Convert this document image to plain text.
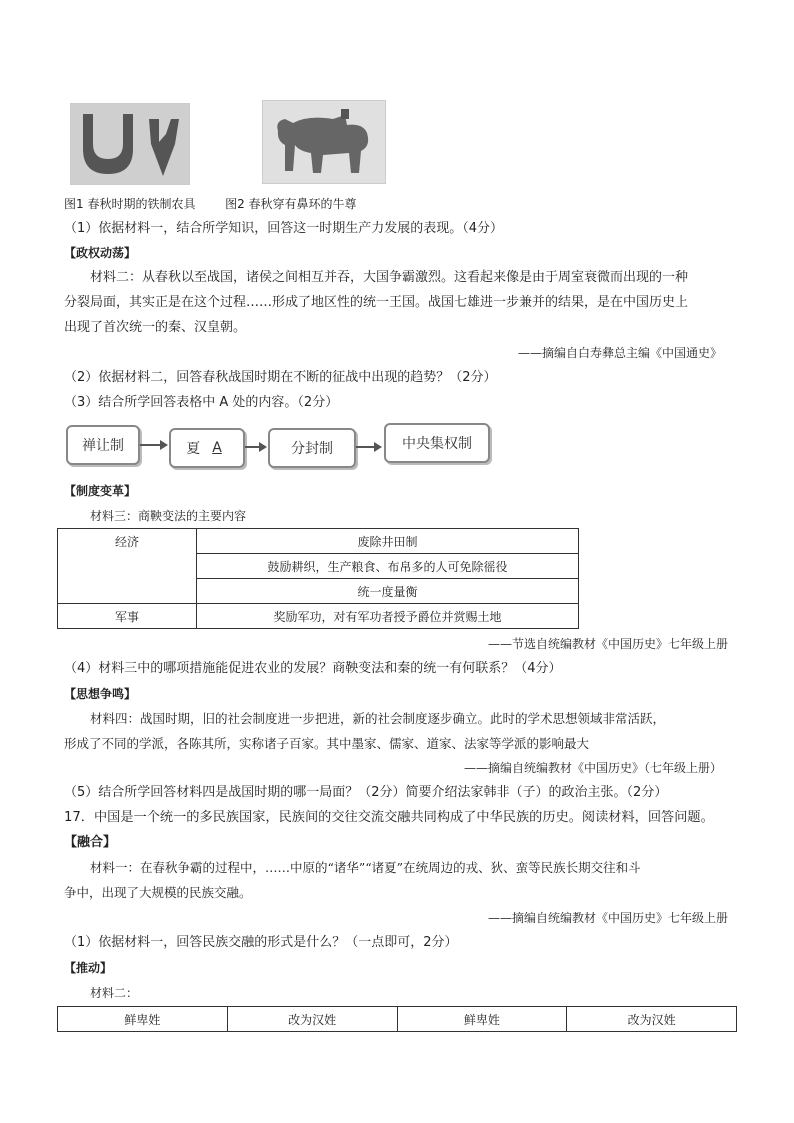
图1 春秋时期的铁制农具 图2 春秋穿有鼻环的牛尊
（1）依据材料一，结合所学知识，回答这一时期生产力发展的表现。（4分）
【政权动荡】
材料二：从春秋以至战国，诸侯之间相互并吞，大国争霸激烈。这看起来像是由于周室衰微而出现的一种
分裂局面，其实正是在这个过程……形成了地区性的统一王国。战国七雄进一步兼并的结果，是在中国历史上
出现了首次统一的秦、汉皇朝。
——摘编自白寿彝总主编《中国通史》
（2）依据材料二，回答春秋战国时期在不断的征战中出现的趋势？（2分）
（3）结合所学回答表格中 A 处的内容。（2分）
禅让制	夏 A	分封制	中央集权制
【制度变革】
材料三：商鞅变法的主要内容
经济	废除井田制
	鼓励耕织，生产粮食、布帛多的人可免除徭役
	统一度量衡
军事	奖励军功，对有军功者授予爵位并赏赐土地
——节选自统编教材《中国历史》七年级上册
（4）材料三中的哪项措施能促进农业的发展？商鞅变法和秦的统一有何联系？（4分）
【思想争鸣】
材料四：战国时期，旧的社会制度进一步把进，新的社会制度逐步确立。此时的学术思想领域非常活跃，
形成了不同的学派，各陈其所，实称诸子百家。其中墨家、儒家、道家、法家等学派的影响最大
——摘编自统编教材《中国历史》（七年级上册）
（5）结合所学回答材料四是战国时期的哪一局面？（2分）简要介绍法家韩非（子）的政治主张。（2分）
17．中国是一个统一的多民族国家，民族间的交往交流交融共同构成了中华民族的历史。阅读材料，回答问题。
【融合】
材料一：在春秋争霸的过程中，……中原的“诸华”“诸夏”在统周边的戎、狄、蛮等民族长期交往和斗
争中，出现了大规模的民族交融。
——摘编自统编教材《中国历史》七年级上册
（1）依据材料一，回答民族交融的形式是什么？（一点即可，2分）
【推动】
材料二：
鲜卑姓	改为汉姓	鲜卑姓	改为汉姓
